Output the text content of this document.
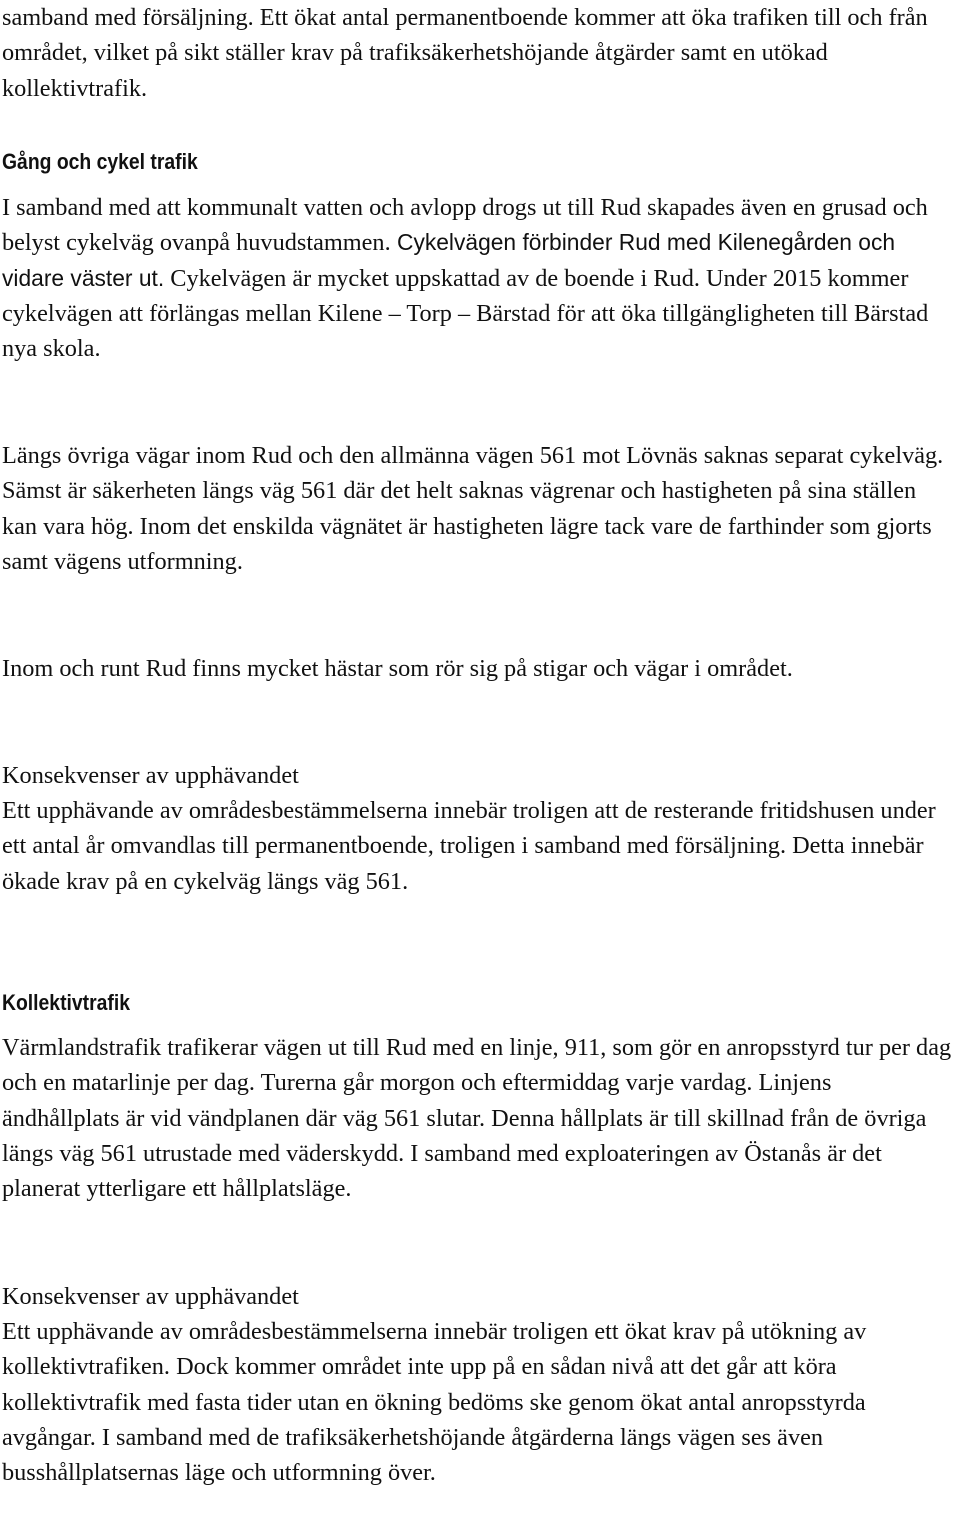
samband med försäljning. Ett ökat antal permanentboende kommer att öka trafiken till och från området, vilket på sikt ställer krav på trafiksäkerhetshöjande åtgärder samt en utökad kollektivtrafik.

Gång och cykel trafik

I samband med att kommunalt vatten och avlopp drogs ut till Rud skapades även en grusad och belyst cykelväg ovanpå huvudstammen. Cykelvägen förbinder Rud med Kilenegården och vidare väster ut. Cykelvägen är mycket uppskattad av de boende i Rud. Under 2015 kommer cykelvägen att förlängas mellan Kilene – Torp – Bärstad för att öka tillgängligheten till Bärstad nya skola.

Längs övriga vägar inom Rud och den allmänna vägen 561 mot Lövnäs saknas separat cykelväg. Sämst är säkerheten längs väg 561 där det helt saknas vägrenar och hastigheten på sina ställen kan vara hög. Inom det enskilda vägnätet är hastigheten lägre tack vare de farthinder som gjorts samt vägens utformning.

Inom och runt Rud finns mycket hästar som rör sig på stigar och vägar i området.

Konsekvenser av upphävandet

Ett upphävande av områdesbestämmelserna innebär troligen att de resterande fritidshusen under ett antal år omvandlas till permanentboende, troligen i samband med försäljning. Detta innebär ökade krav på en cykelväg längs väg 561.

Kollektivtrafik

Värmlandstrafik trafikerar vägen ut till Rud med en linje, 911, som gör en anropsstyrd tur per dag och en matarlinje per dag. Turerna går morgon och eftermiddag varje vardag. Linjens ändhållplats är vid vändplanen där väg 561 slutar. Denna hållplats är till skillnad från de övriga längs väg 561 utrustade med väderskydd. I samband med exploateringen av Östanås är det planerat ytterligare ett hållplatsläge.

Konsekvenser av upphävandet

Ett upphävande av områdesbestämmelserna innebär troligen ett ökat krav på utökning av kollektivtrafiken. Dock kommer området inte upp på en sådan nivå att det går att köra kollektivtrafik med fasta tider utan en ökning bedöms ske genom ökat antal anropsstyrda avgångar. I samband med de trafiksäkerhetshöjande åtgärderna längs vägen ses även busshållplatsernas läge och utformning över.
